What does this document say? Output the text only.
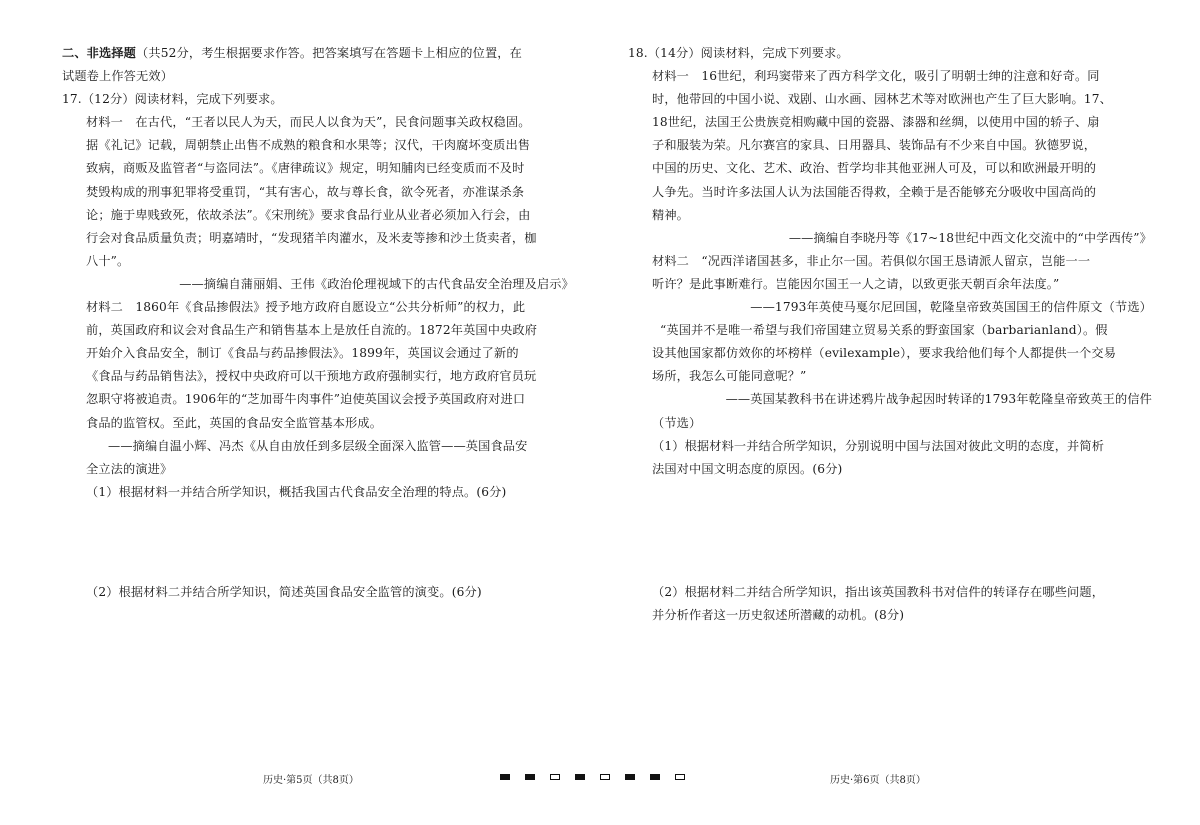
二、非选择题（共52分，考生根据要求作答。把答案填写在答题卡上相应的位置，在
试题卷上作答无效）
17.（12分）阅读材料，完成下列要求。
材料一　在古代，“王者以民人为天，而民人以食为天”，民食问题事关政权稳固。
据《礼记》记载，周朝禁止出售不成熟的粮食和水果等；汉代，干肉腐坏变质出售
致病，商贩及监管者“与盗同法”。《唐律疏议》规定，明知脯肉已经变质而不及时
焚毁构成的刑事犯罪将受重罚，“其有害心，故与尊长食，欲令死者，亦准谋杀条
论；施于卑贱致死，依故杀法”。《宋刑统》要求食品行业从业者必须加入行会，由
行会对食品质量负责；明嘉靖时，“发现猪羊肉灌水，及米麦等掺和沙土货卖者，枷
八十”。
——摘编自蒲丽娟、王伟《政治伦理视域下的古代食品安全治理及启示》
材料二　1860年《食品掺假法》授予地方政府自愿设立“公共分析师”的权力，此
前，英国政府和议会对食品生产和销售基本上是放任自流的。1872年英国中央政府
开始介入食品安全，制订《食品与药品掺假法》。1899年，英国议会通过了新的
《食品与药品销售法》，授权中央政府可以干预地方政府强制实行，地方政府官员玩
忽职守将被追责。1906年的“芝加哥牛肉事件”迫使英国议会授予英国政府对进口
食品的监管权。至此，英国的食品安全监管基本形成。
——摘编自温小辉、冯杰《从自由放任到多层级全面深入监管——英国食品安
全立法的演进》
（1）根据材料一并结合所学知识，概括我国古代食品安全治理的特点。(6分)
（2）根据材料二并结合所学知识，简述英国食品安全监管的演变。(6分)
历史·第5页（共8页）
18.（14分）阅读材料，完成下列要求。
材料一　16世纪，利玛窦带来了西方科学文化，吸引了明朝士绅的注意和好奇。同
时，他带回的中国小说、戏剧、山水画、园林艺术等对欧洲也产生了巨大影响。17、
18世纪，法国王公贵族竞相购藏中国的瓷器、漆器和丝绸，以使用中国的轿子、扇
子和服装为荣。凡尔赛宫的家具、日用器具、装饰品有不少来自中国。狄德罗说，
中国的历史、文化、艺术、政治、哲学均非其他亚洲人可及，可以和欧洲最开明的
人争先。当时许多法国人认为法国能否得救，全赖于是否能够充分吸收中国高尚的
精神。
——摘编自李晓丹等《17~18世纪中西文化交流中的“中学西传”》
材料二　“况西洋诸国甚多，非止尔一国。若俱似尔国王恳请派人留京，岂能一一
听许？是此事断难行。岂能因尔国王一人之请，以致更张天朝百余年法度。”
——1793年英使马戛尔尼回国，乾隆皇帝致英国国王的信件原文（节选）
“英国并不是唯一希望与我们帝国建立贸易关系的野蛮国家（barbarianland）。假
设其他国家都仿效你的坏榜样（evilexample），要求我给他们每个人都提供一个交易
场所，我怎么可能同意呢？”
——英国某教科书在讲述鸦片战争起因时转译的1793年乾隆皇帝致英王的信件
（节选）
（1）根据材料一并结合所学知识，分别说明中国与法国对彼此文明的态度，并简析
法国对中国文明态度的原因。(6分)
（2）根据材料二并结合所学知识，指出该英国教科书对信件的转译存在哪些问题，
并分析作者这一历史叙述所潜藏的动机。(8分)
历史·第6页（共8页）
